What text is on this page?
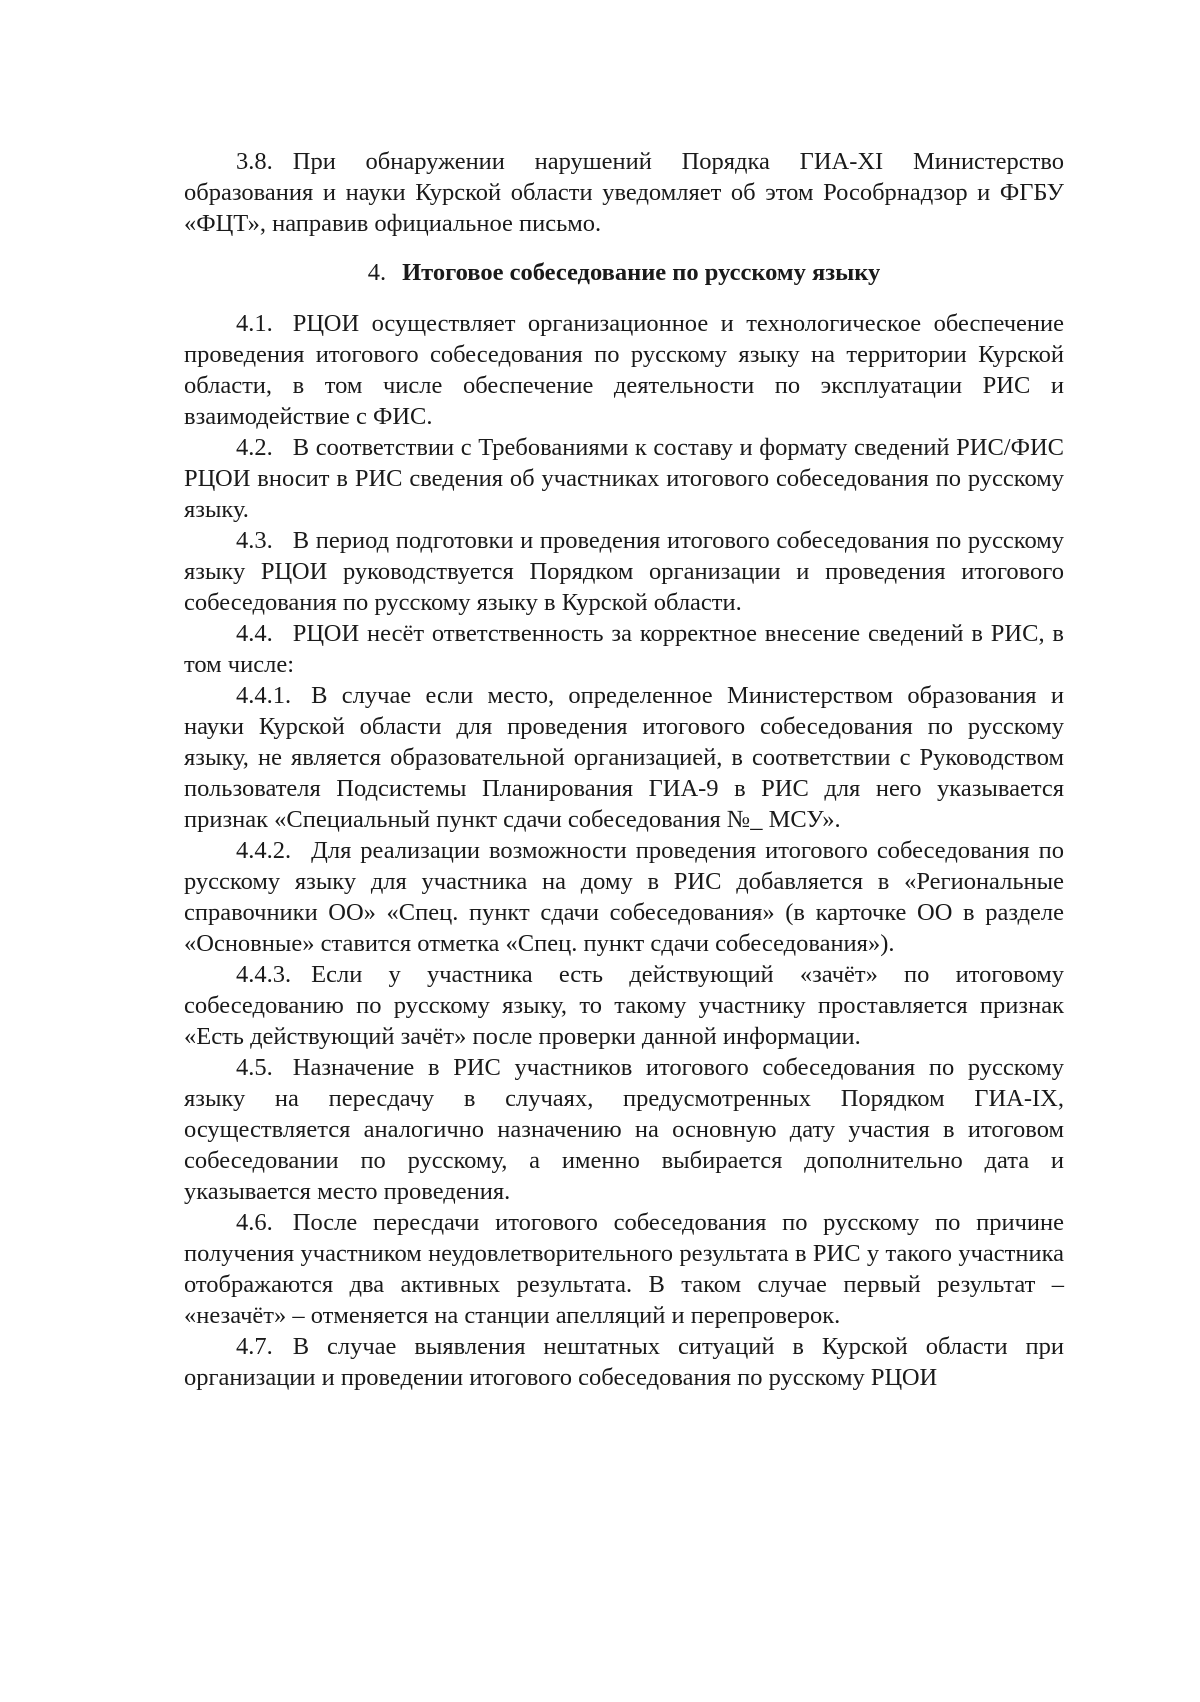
3.8. При обнаружении нарушений Порядка ГИА-XI Министерство образования и науки Курской области уведомляет об этом Рособрнадзор и ФГБУ «ФЦТ», направив официальное письмо.

4. Итоговое собеседование по русскому языку

4.1. РЦОИ осуществляет организационное и технологическое обеспечение проведения итогового собеседования по русскому языку на территории Курской области, в том числе обеспечение деятельности по эксплуатации РИС и взаимодействие с ФИС.

4.2. В соответствии с Требованиями к составу и формату сведений РИС/ФИС РЦОИ вносит в РИС сведения об участниках итогового собеседования по русскому языку.

4.3. В период подготовки и проведения итогового собеседования по русскому языку РЦОИ руководствуется Порядком организации и проведения итогового собеседования по русскому языку в Курской области.

4.4. РЦОИ несёт ответственность за корректное внесение сведений в РИС, в том числе:

4.4.1. В случае если место, определенное Министерством образования и науки Курской области для проведения итогового собеседования по русскому языку, не является образовательной организацией, в соответствии с Руководством пользователя Подсистемы Планирования ГИА-9 в РИС для него указывается признак «Специальный пункт сдачи собеседования №_ МСУ».

4.4.2. Для реализации возможности проведения итогового собеседования по русскому языку для участника на дому в РИС добавляется в «Региональные справочники ОО» «Спец. пункт сдачи собеседования» (в карточке ОО в разделе «Основные» ставится отметка «Спец. пункт сдачи собеседования»).

4.4.3. Если у участника есть действующий «зачёт» по итоговому собеседованию по русскому языку, то такому участнику проставляется признак «Есть действующий зачёт» после проверки данной информации.

4.5. Назначение в РИС участников итогового собеседования по русскому языку на пересдачу в случаях, предусмотренных Порядком ГИА-IX, осуществляется аналогично назначению на основную дату участия в итоговом собеседовании по русскому, а именно выбирается дополнительно дата и указывается место проведения.

4.6. После пересдачи итогового собеседования по русскому по причине получения участником неудовлетворительного результата в РИС у такого участника отображаются два активных результата. В таком случае первый результат – «незачёт» – отменяется на станции апелляций и перепроверок.

4.7. В случае выявления нештатных ситуаций в Курской области при организации и проведении итогового собеседования по русскому РЦОИ
